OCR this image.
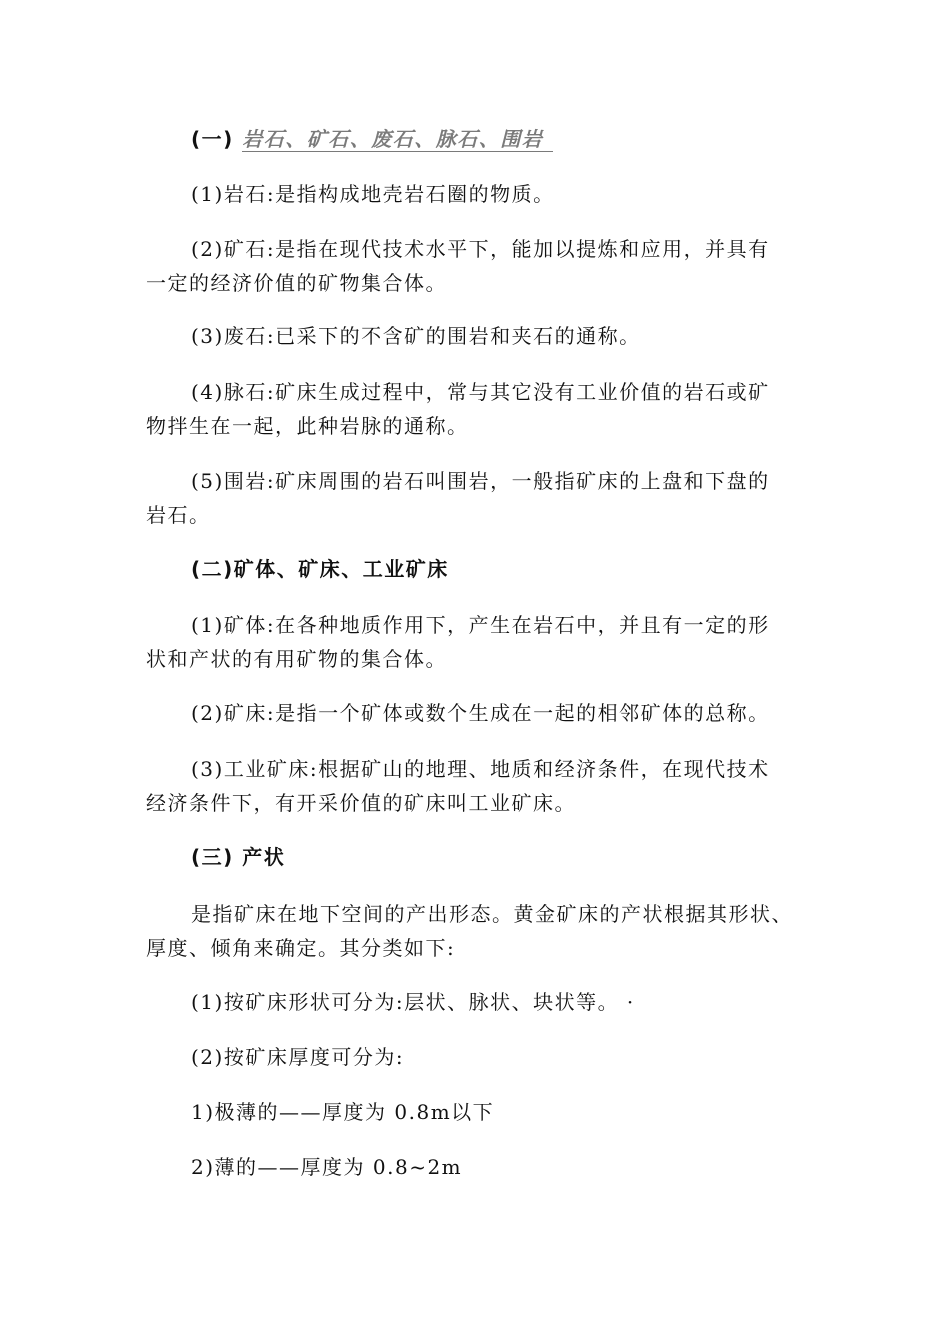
(一) 岩石、矿石、废石、脉石、围岩
(1)岩石:是指构成地壳岩石圈的物质。
(2)矿石:是指在现代技术水平下，能加以提炼和应用，并具有
一定的经济价值的矿物集合体。
(3)废石:已采下的不含矿的围岩和夹石的通称。
(4)脉石:矿床生成过程中，常与其它没有工业价值的岩石或矿
物拌生在一起，此种岩脉的通称。
(5)围岩:矿床周围的岩石叫围岩，一般指矿床的上盘和下盘的
岩石。
(二)矿体、矿床、工业矿床
(1)矿体:在各种地质作用下，产生在岩石中，并且有一定的形
状和产状的有用矿物的集合体。
(2)矿床:是指一个矿体或数个生成在一起的相邻矿体的总称。
(3)工业矿床:根据矿山的地理、地质和经济条件，在现代技术
经济条件下，有开采价值的矿床叫工业矿床。
(三) 产状
是指矿床在地下空间的产出形态。黄金矿床的产状根据其形状、
厚度、倾角来确定。其分类如下:
(1)按矿床形状可分为:层状、脉状、块状等。 ·
(2)按矿床厚度可分为:
1)极薄的——厚度为 0.8m以下
2)薄的——厚度为 0.8~2m
